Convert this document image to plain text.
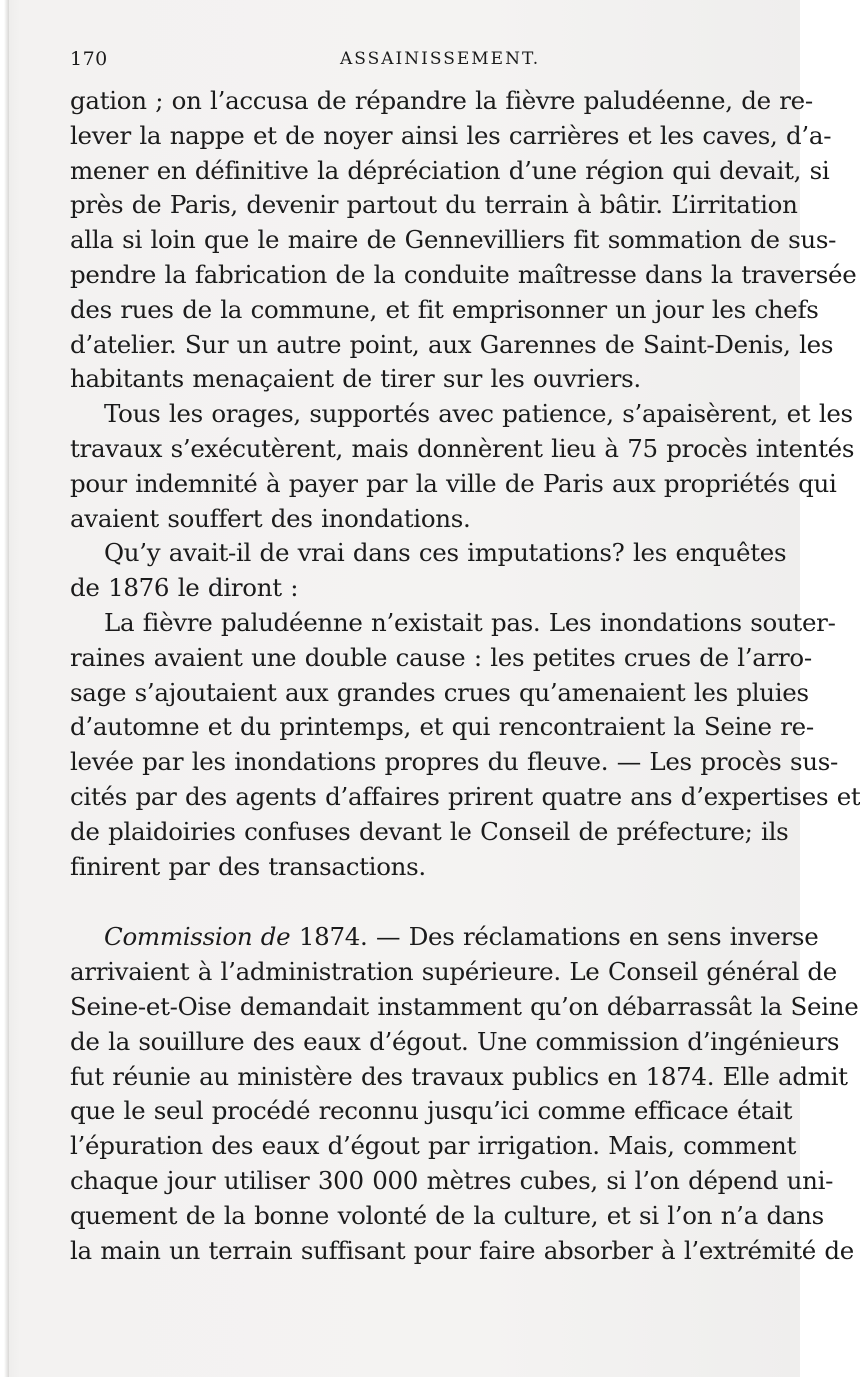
170	ASSAINISSEMENT.
gation ; on l’accusa de répandre la fièvre paludéenne, de re-
lever la nappe et de noyer ainsi les carrières et les caves, d’a-
mener en définitive la dépréciation d’une région qui devait, si
près de Paris, devenir partout du terrain à bâtir. L’irritation
alla si loin que le maire de Gennevilliers fit sommation de sus-
pendre la fabrication de la conduite maîtresse dans la traversée
des rues de la commune, et fit emprisonner un jour les chefs
d’atelier. Sur un autre point, aux Garennes de Saint-Denis, les
habitants menaçaient de tirer sur les ouvriers.
Tous les orages, supportés avec patience, s’apaisèrent, et les
travaux s’exécutèrent, mais donnèrent lieu à 75 procès intentés
pour indemnité à payer par la ville de Paris aux propriétés qui
avaient souffert des inondations.
Qu’y avait-il de vrai dans ces imputations? les enquêtes
de 1876 le diront :
La fièvre paludéenne n’existait pas. Les inondations souter-
raines avaient une double cause : les petites crues de l’arro-
sage s’ajoutaient aux grandes crues qu’amenaient les pluies
d’automne et du printemps, et qui rencontraient la Seine re-
levée par les inondations propres du fleuve. — Les procès sus-
cités par des agents d’affaires prirent quatre ans d’expertises et
de plaidoiries confuses devant le Conseil de préfecture; ils
finirent par des transactions.
Commission de 1874. — Des réclamations en sens inverse
arrivaient à l’administration supérieure. Le Conseil général de
Seine-et-Oise demandait instamment qu’on débarrassât la Seine
de la souillure des eaux d’égout. Une commission d’ingénieurs
fut réunie au ministère des travaux publics en 1874. Elle admit
que le seul procédé reconnu jusqu’ici comme efficace était
l’épuration des eaux d’égout par irrigation. Mais, comment
chaque jour utiliser 300 000 mètres cubes, si l’on dépend uni-
quement de la bonne volonté de la culture, et si l’on n’a dans
la main un terrain suffisant pour faire absorber à l’extrémité de
